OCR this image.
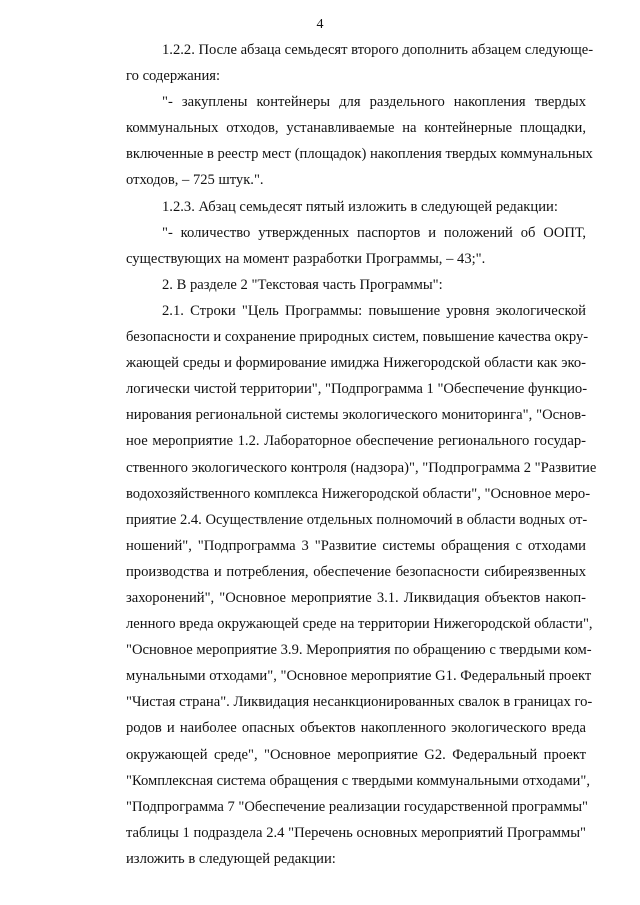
4
1.2.2. После абзаца семьдесят второго дополнить абзацем следующе-
го содержания:
"- закуплены контейнеры для раздельного накопления твердых
коммунальных отходов, устанавливаемые на контейнерные площадки,
включенные в реестр мест (площадок) накопления твердых коммунальных
отходов, – 725 штук.".
1.2.3. Абзац семьдесят пятый изложить в следующей редакции:
"- количество утвержденных паспортов и положений об ООПТ,
существующих на момент разработки Программы, – 43;".
2. В разделе 2 "Текстовая часть Программы":
2.1. Строки "Цель Программы: повышение уровня экологической
безопасности и сохранение природных систем, повышение качества окру-
жающей среды и формирование имиджа Нижегородской области как эко-
логически чистой территории", "Подпрограмма 1 "Обеспечение функцио-
нирования региональной системы экологического мониторинга", "Основ-
ное мероприятие 1.2. Лабораторное обеспечение регионального государ-
ственного экологического контроля (надзора)", "Подпрограмма 2 "Развитие
водохозяйственного комплекса Нижегородской области", "Основное меро-
приятие 2.4. Осуществление отдельных полномочий в области водных от-
ношений", "Подпрограмма 3 "Развитие системы обращения с отходами
производства и потребления, обеспечение безопасности сибиреязвенных
захоронений", "Основное мероприятие 3.1. Ликвидация объектов накоп-
ленного вреда окружающей среде на территории Нижегородской области",
"Основное мероприятие 3.9. Мероприятия по обращению с твердыми ком-
мунальными отходами", "Основное мероприятие G1. Федеральный проект
"Чистая страна". Ликвидация несанкционированных свалок в границах го-
родов и наиболее опасных объектов накопленного экологического вреда
окружающей среде", "Основное мероприятие G2. Федеральный проект
"Комплексная система обращения с твердыми коммунальными отходами",
"Подпрограмма 7 "Обеспечение реализации государственной программы"
таблицы 1 подраздела 2.4 "Перечень основных мероприятий Программы"
изложить в следующей редакции:
